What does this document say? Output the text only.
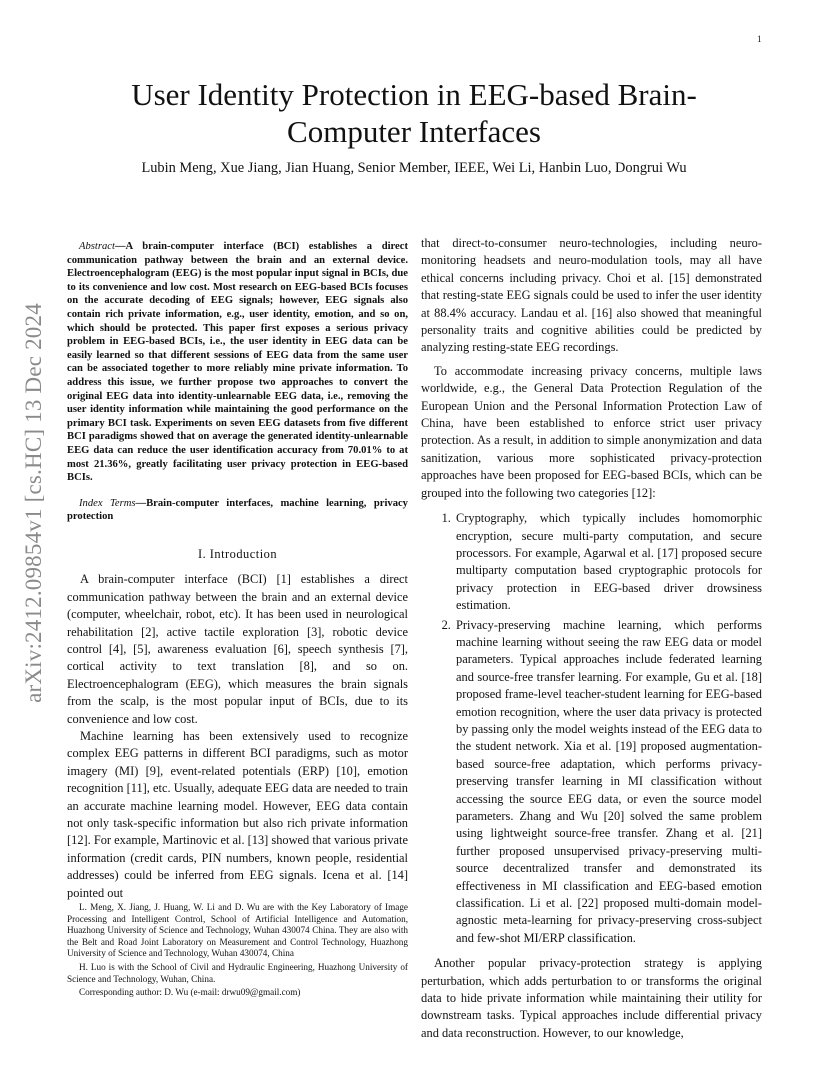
1
arXiv:2412.09854v1 [cs.HC] 13 Dec 2024
User Identity Protection in EEG-based Brain-Computer Interfaces
Lubin Meng, Xue Jiang, Jian Huang, Senior Member, IEEE, Wei Li, Hanbin Luo, Dongrui Wu

Abstract—A brain-computer interface (BCI) establishes a direct communication pathway between the brain and an external device. Electroencephalogram (EEG) is the most popular input signal in BCIs, due to its convenience and low cost. Most research on EEG-based BCIs focuses on the accurate decoding of EEG signals; however, EEG signals also contain rich private information, e.g., user identity, emotion, and so on, which should be protected. This paper first exposes a serious privacy problem in EEG-based BCIs, i.e., the user identity in EEG data can be easily learned so that different sessions of EEG data from the same user can be associated together to more reliably mine private information. To address this issue, we further propose two approaches to convert the original EEG data into identity-unlearnable EEG data, i.e., removing the user identity information while maintaining the good performance on the primary BCI task. Experiments on seven EEG datasets from five different BCI paradigms showed that on average the generated identity-unlearnable EEG data can reduce the user identification accuracy from 70.01% to at most 21.36%, greatly facilitating user privacy protection in EEG-based BCIs.

Index Terms—Brain-computer interfaces, machine learning, privacy protection

I. Introduction

A brain-computer interface (BCI) [1] establishes a direct communication pathway between the brain and an external device (computer, wheelchair, robot, etc). It has been used in neurological rehabilitation [2], active tactile exploration [3], robotic device control [4], [5], awareness evaluation [6], speech synthesis [7], cortical activity to text translation [8], and so on. Electroencephalogram (EEG), which measures the brain signals from the scalp, is the most popular input of BCIs, due to its convenience and low cost.

Machine learning has been extensively used to recognize complex EEG patterns in different BCI paradigms, such as motor imagery (MI) [9], event-related potentials (ERP) [10], emotion recognition [11], etc. Usually, adequate EEG data are needed to train an accurate machine learning model. However, EEG data contain not only task-specific information but also rich private information [12]. For example, Martinovic et al. [13] showed that various private information (credit cards, PIN numbers, known people, residential addresses) could be inferred from EEG signals. Icena et al. [14] pointed out

L. Meng, X. Jiang, J. Huang, W. Li and D. Wu are with the Key Laboratory of Image Processing and Intelligent Control, School of Artificial Intelligence and Automation, Huazhong University of Science and Technology, Wuhan 430074 China. They are also with the Belt and Road Joint Laboratory on Measurement and Control Technology, Huazhong University of Science and Technology, Wuhan 430074, China

H. Luo is with the School of Civil and Hydraulic Engineering, Huazhong University of Science and Technology, Wuhan, China.

Corresponding author: D. Wu (e-mail: drwu09@gmail.com)

that direct-to-consumer neuro-technologies, including neuro-monitoring headsets and neuro-modulation tools, may all have ethical concerns including privacy. Choi et al. [15] demonstrated that resting-state EEG signals could be used to infer the user identity at 88.4% accuracy. Landau et al. [16] also showed that meaningful personality traits and cognitive abilities could be predicted by analyzing resting-state EEG recordings.

To accommodate increasing privacy concerns, multiple laws worldwide, e.g., the General Data Protection Regulation of the European Union and the Personal Information Protection Law of China, have been established to enforce strict user privacy protection. As a result, in addition to simple anonymization and data sanitization, various more sophisticated privacy-protection approaches have been proposed for EEG-based BCIs, which can be grouped into the following two categories [12]:

1. Cryptography, which typically includes homomorphic encryption, secure multi-party computation, and secure processors. For example, Agarwal et al. [17] proposed secure multiparty computation based cryptographic protocols for privacy protection in EEG-based driver drowsiness estimation.
2. Privacy-preserving machine learning, which performs machine learning without seeing the raw EEG data or model parameters. Typical approaches include federated learning and source-free transfer learning. For example, Gu et al. [18] proposed frame-level teacher-student learning for EEG-based emotion recognition, where the user data privacy is protected by passing only the model weights instead of the EEG data to the student network. Xia et al. [19] proposed augmentation-based source-free adaptation, which performs privacy-preserving transfer learning in MI classification without accessing the source EEG data, or even the source model parameters. Zhang and Wu [20] solved the same problem using lightweight source-free transfer. Zhang et al. [21] further proposed unsupervised privacy-preserving multi-source decentralized transfer and demonstrated its effectiveness in MI classification and EEG-based emotion classification. Li et al. [22] proposed multi-domain model-agnostic meta-learning for privacy-preserving cross-subject and few-shot MI/ERP classification.

Another popular privacy-protection strategy is applying perturbation, which adds perturbation to or transforms the original data to hide private information while maintaining their utility for downstream tasks. Typical approaches include differential privacy and data reconstruction. However, to our knowledge,
